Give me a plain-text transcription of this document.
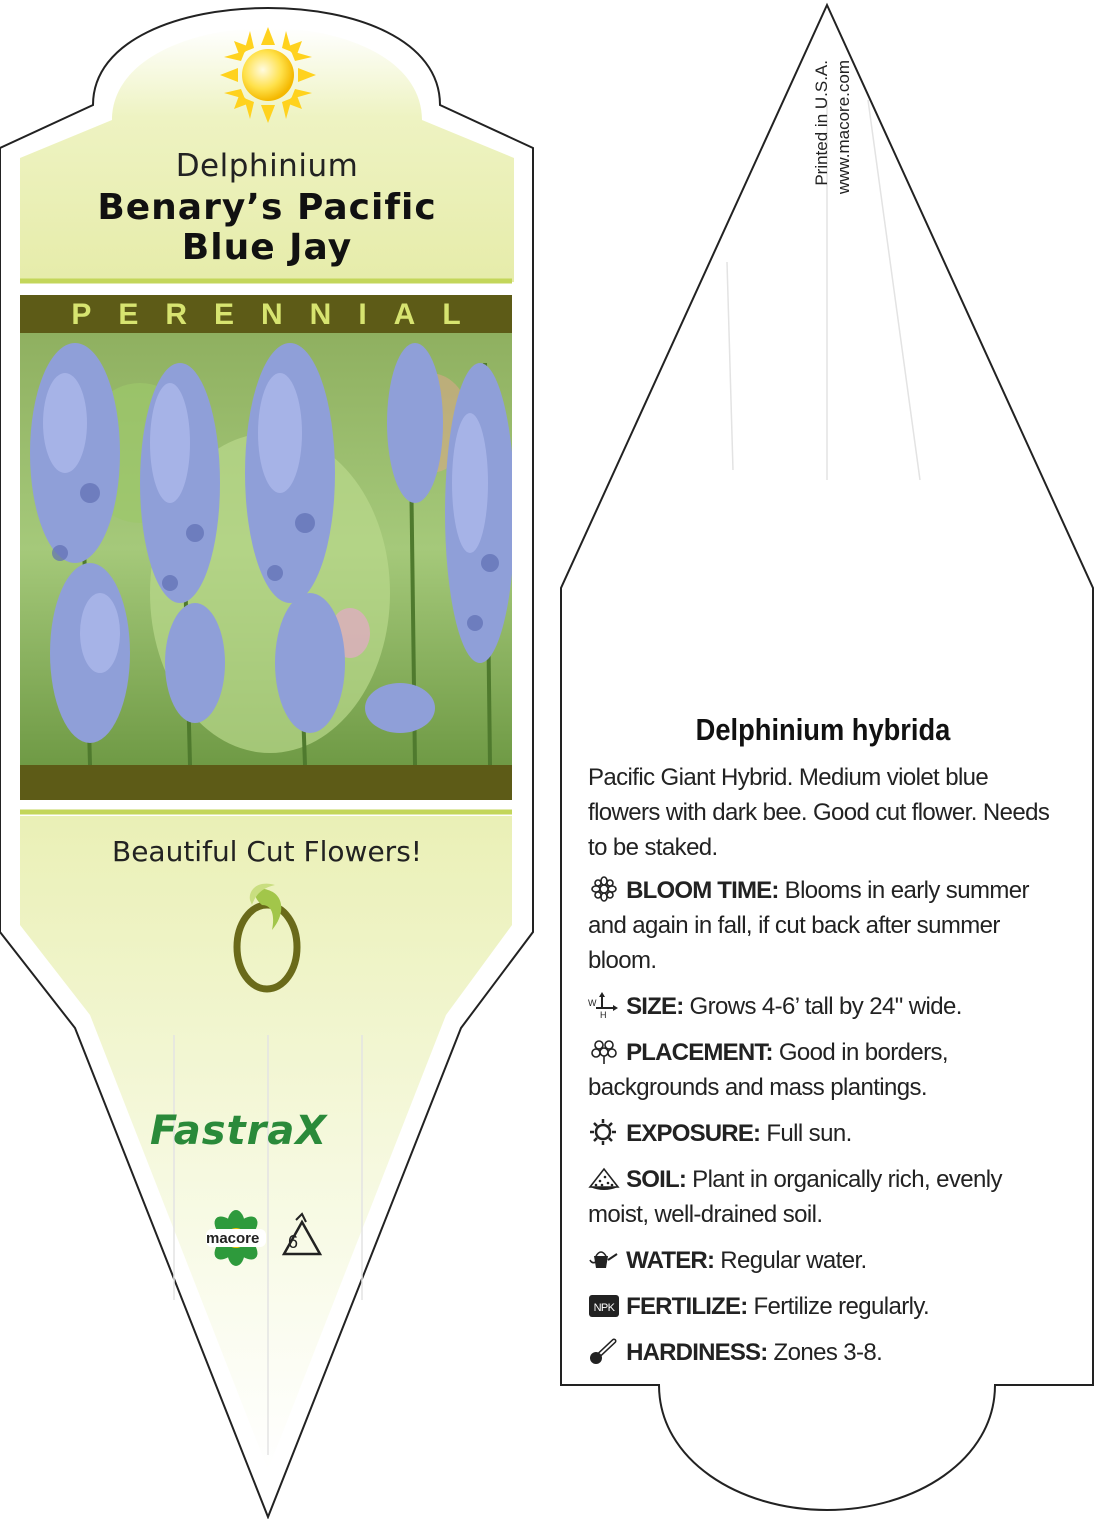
Delphinium
Benary’s Pacific
Blue Jay
PERENNIAL
Beautiful Cut Flowers!
FastraX
macore 6
Printed in U.S.A. www.macore.com
Delphinium hybrida
Pacific Giant Hybrid. Medium violet blue flowers with dark bee. Good cut flower. Needs to be staked.
BLOOM TIME: Blooms in early summer and again in fall, if cut back after summer bloom.
W
H SIZE: Grows 4-6’ tall by 24" wide.
PLACEMENT: Good in borders, backgrounds and mass plantings.
EXPOSURE: Full sun.
SOIL: Plant in organically rich, evenly moist, well-drained soil.
WATER: Regular water.
NPK FERTILIZE: Fertilize regularly.
HARDINESS: Zones 3-8.
